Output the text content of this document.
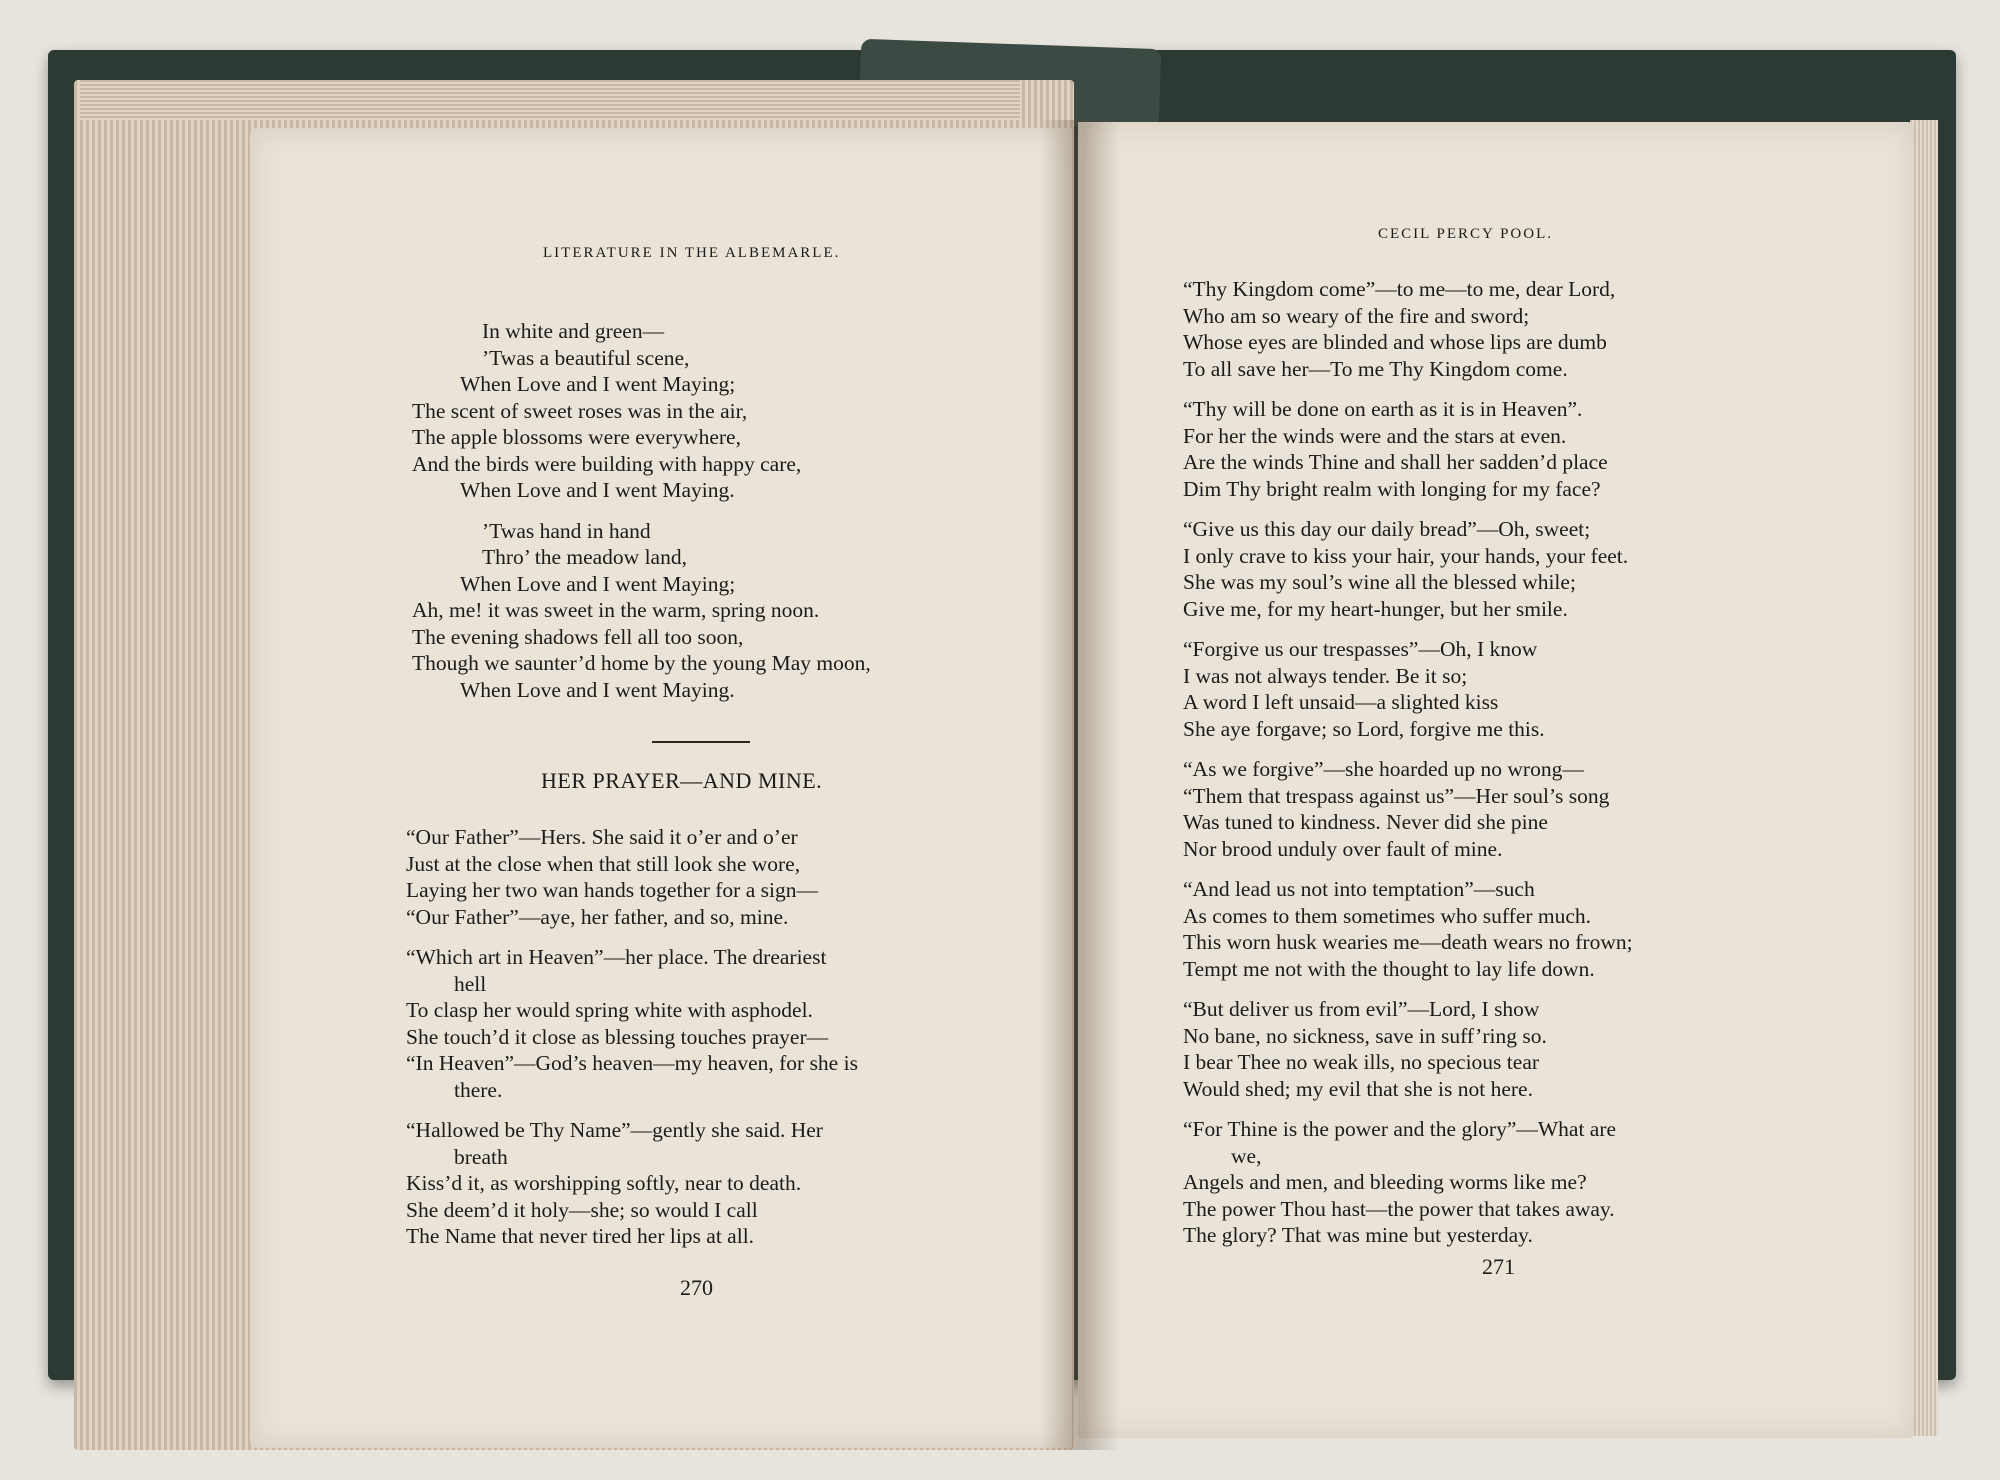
LITERATURE IN THE ALBEMARLE.
In white and green—
’Twas a beautiful scene,
When Love and I went Maying;
The scent of sweet roses was in the air,
The apple blossoms were everywhere,
And the birds were building with happy care,
When Love and I went Maying.
’Twas hand in hand
Thro’ the meadow land,
When Love and I went Maying;
Ah, me! it was sweet in the warm, spring noon.
The evening shadows fell all too soon,
Though we saunter’d home by the young May moon,
When Love and I went Maying.
HER PRAYER—AND MINE.
“Our Father”—Hers. She said it o’er and o’er
Just at the close when that still look she wore,
Laying her two wan hands together for a sign—
“Our Father”—aye, her father, and so, mine.
“Which art in Heaven”—her place. The dreariest
hell
To clasp her would spring white with asphodel.
She touch’d it close as blessing touches prayer—
“In Heaven”—God’s heaven—my heaven, for she is
there.
“Hallowed be Thy Name”—gently she said. Her
breath
Kiss’d it, as worshipping softly, near to death.
She deem’d it holy—she; so would I call
The Name that never tired her lips at all.
270
CECIL PERCY POOL.
“Thy Kingdom come”—to me—to me, dear Lord,
Who am so weary of the fire and sword;
Whose eyes are blinded and whose lips are dumb
To all save her—To me Thy Kingdom come.
“Thy will be done on earth as it is in Heaven”.
For her the winds were and the stars at even.
Are the winds Thine and shall her sadden’d place
Dim Thy bright realm with longing for my face?
“Give us this day our daily bread”—Oh, sweet;
I only crave to kiss your hair, your hands, your feet.
She was my soul’s wine all the blessed while;
Give me, for my heart-hunger, but her smile.
“Forgive us our trespasses”—Oh, I know
I was not always tender. Be it so;
A word I left unsaid—a slighted kiss
She aye forgave; so Lord, forgive me this.
“As we forgive”—she hoarded up no wrong—
“Them that trespass against us”—Her soul’s song
Was tuned to kindness. Never did she pine
Nor brood unduly over fault of mine.
“And lead us not into temptation”—such
As comes to them sometimes who suffer much.
This worn husk wearies me—death wears no frown;
Tempt me not with the thought to lay life down.
“But deliver us from evil”—Lord, I show
No bane, no sickness, save in suff’ring so.
I bear Thee no weak ills, no specious tear
Would shed; my evil that she is not here.
“For Thine is the power and the glory”—What are
we,
Angels and men, and bleeding worms like me?
The power Thou hast—the power that takes away.
The glory? That was mine but yesterday.
271
